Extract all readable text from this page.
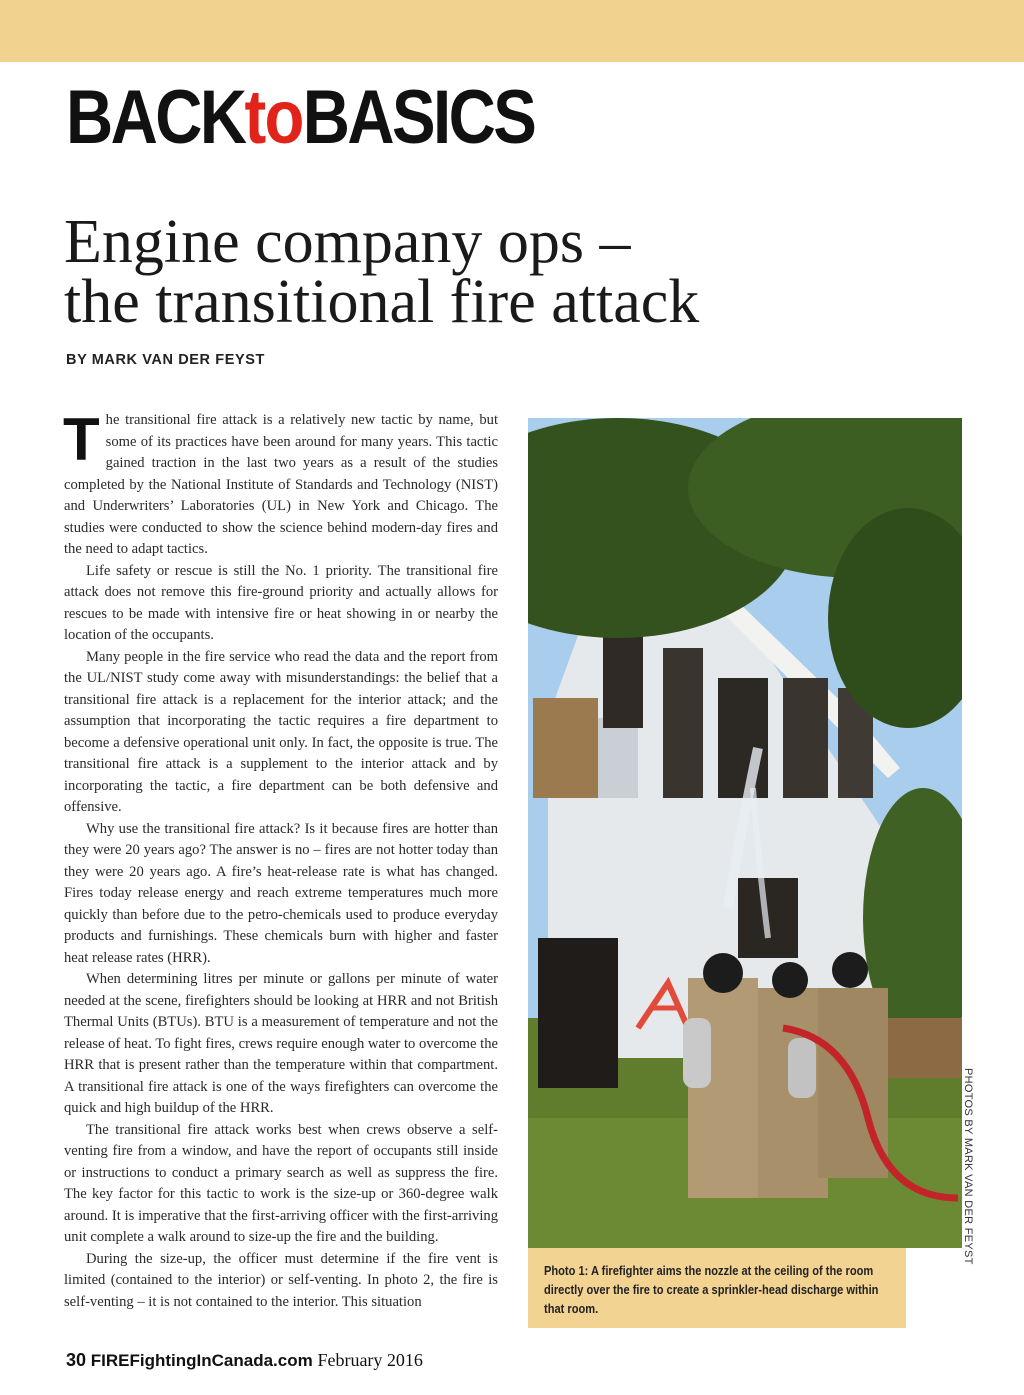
BACKtoBASICS
Engine company ops –
the transitional fire attack
BY MARK VAN DER FEYST

The transitional fire attack is a relatively new tactic by name, but some of its practices have been around for many years. This tactic gained traction in the last two years as a result of the studies completed by the National Institute of Standards and Technology (NIST) and Underwriters’ Laboratories (UL) in New York and Chicago. The studies were conducted to show the science behind modern-day fires and the need to adapt tactics.

Life safety or rescue is still the No. 1 priority. The transitional fire attack does not remove this fire-ground priority and actually allows for rescues to be made with intensive fire or heat showing in or nearby the location of the occupants.

Many people in the fire service who read the data and the report from the UL/NIST study come away with misunderstandings: the belief that a transitional fire attack is a replacement for the interior attack; and the assumption that incorporating the tactic requires a fire department to become a defensive operational unit only. In fact, the opposite is true. The transitional fire attack is a supplement to the interior attack and by incorporating the tactic, a fire department can be both defensive and offensive.

Why use the transitional fire attack? Is it because fires are hotter than they were 20 years ago? The answer is no – fires are not hotter today than they were 20 years ago. A fire’s heat-release rate is what has changed. Fires today release energy and reach extreme temperatures much more quickly than before due to the petro-chemicals used to produce everyday products and furnishings. These chemicals burn with higher and faster heat release rates (HRR).

When determining litres per minute or gallons per minute of water needed at the scene, firefighters should be looking at HRR and not British Thermal Units (BTUs). BTU is a measurement of temperature and not the release of heat. To fight fires, crews require enough water to overcome the HRR that is present rather than the temperature within that compartment. A transitional fire attack is one of the ways firefighters can overcome the quick and high buildup of the HRR.

The transitional fire attack works best when crews observe a self-venting fire from a window, and have the report of occupants still inside or instructions to conduct a primary search as well as suppress the fire. The key factor for this tactic to work is the size-up or 360-degree walk around. It is imperative that the first-arriving officer with the first-arriving unit complete a walk around to size-up the fire and the building.

During the size-up, the officer must determine if the fire vent is limited (contained to the interior) or self-venting. In photo 2, the fire is self-venting – it is not contained to the interior. This situation

PHOTOS BY MARK VAN DER FEYST
Photo 1: A firefighter aims the nozzle at the ceiling of the room directly over the fire to create a sprinkler-head discharge within that room.
30 FIREFightingInCanada.com February 2016
